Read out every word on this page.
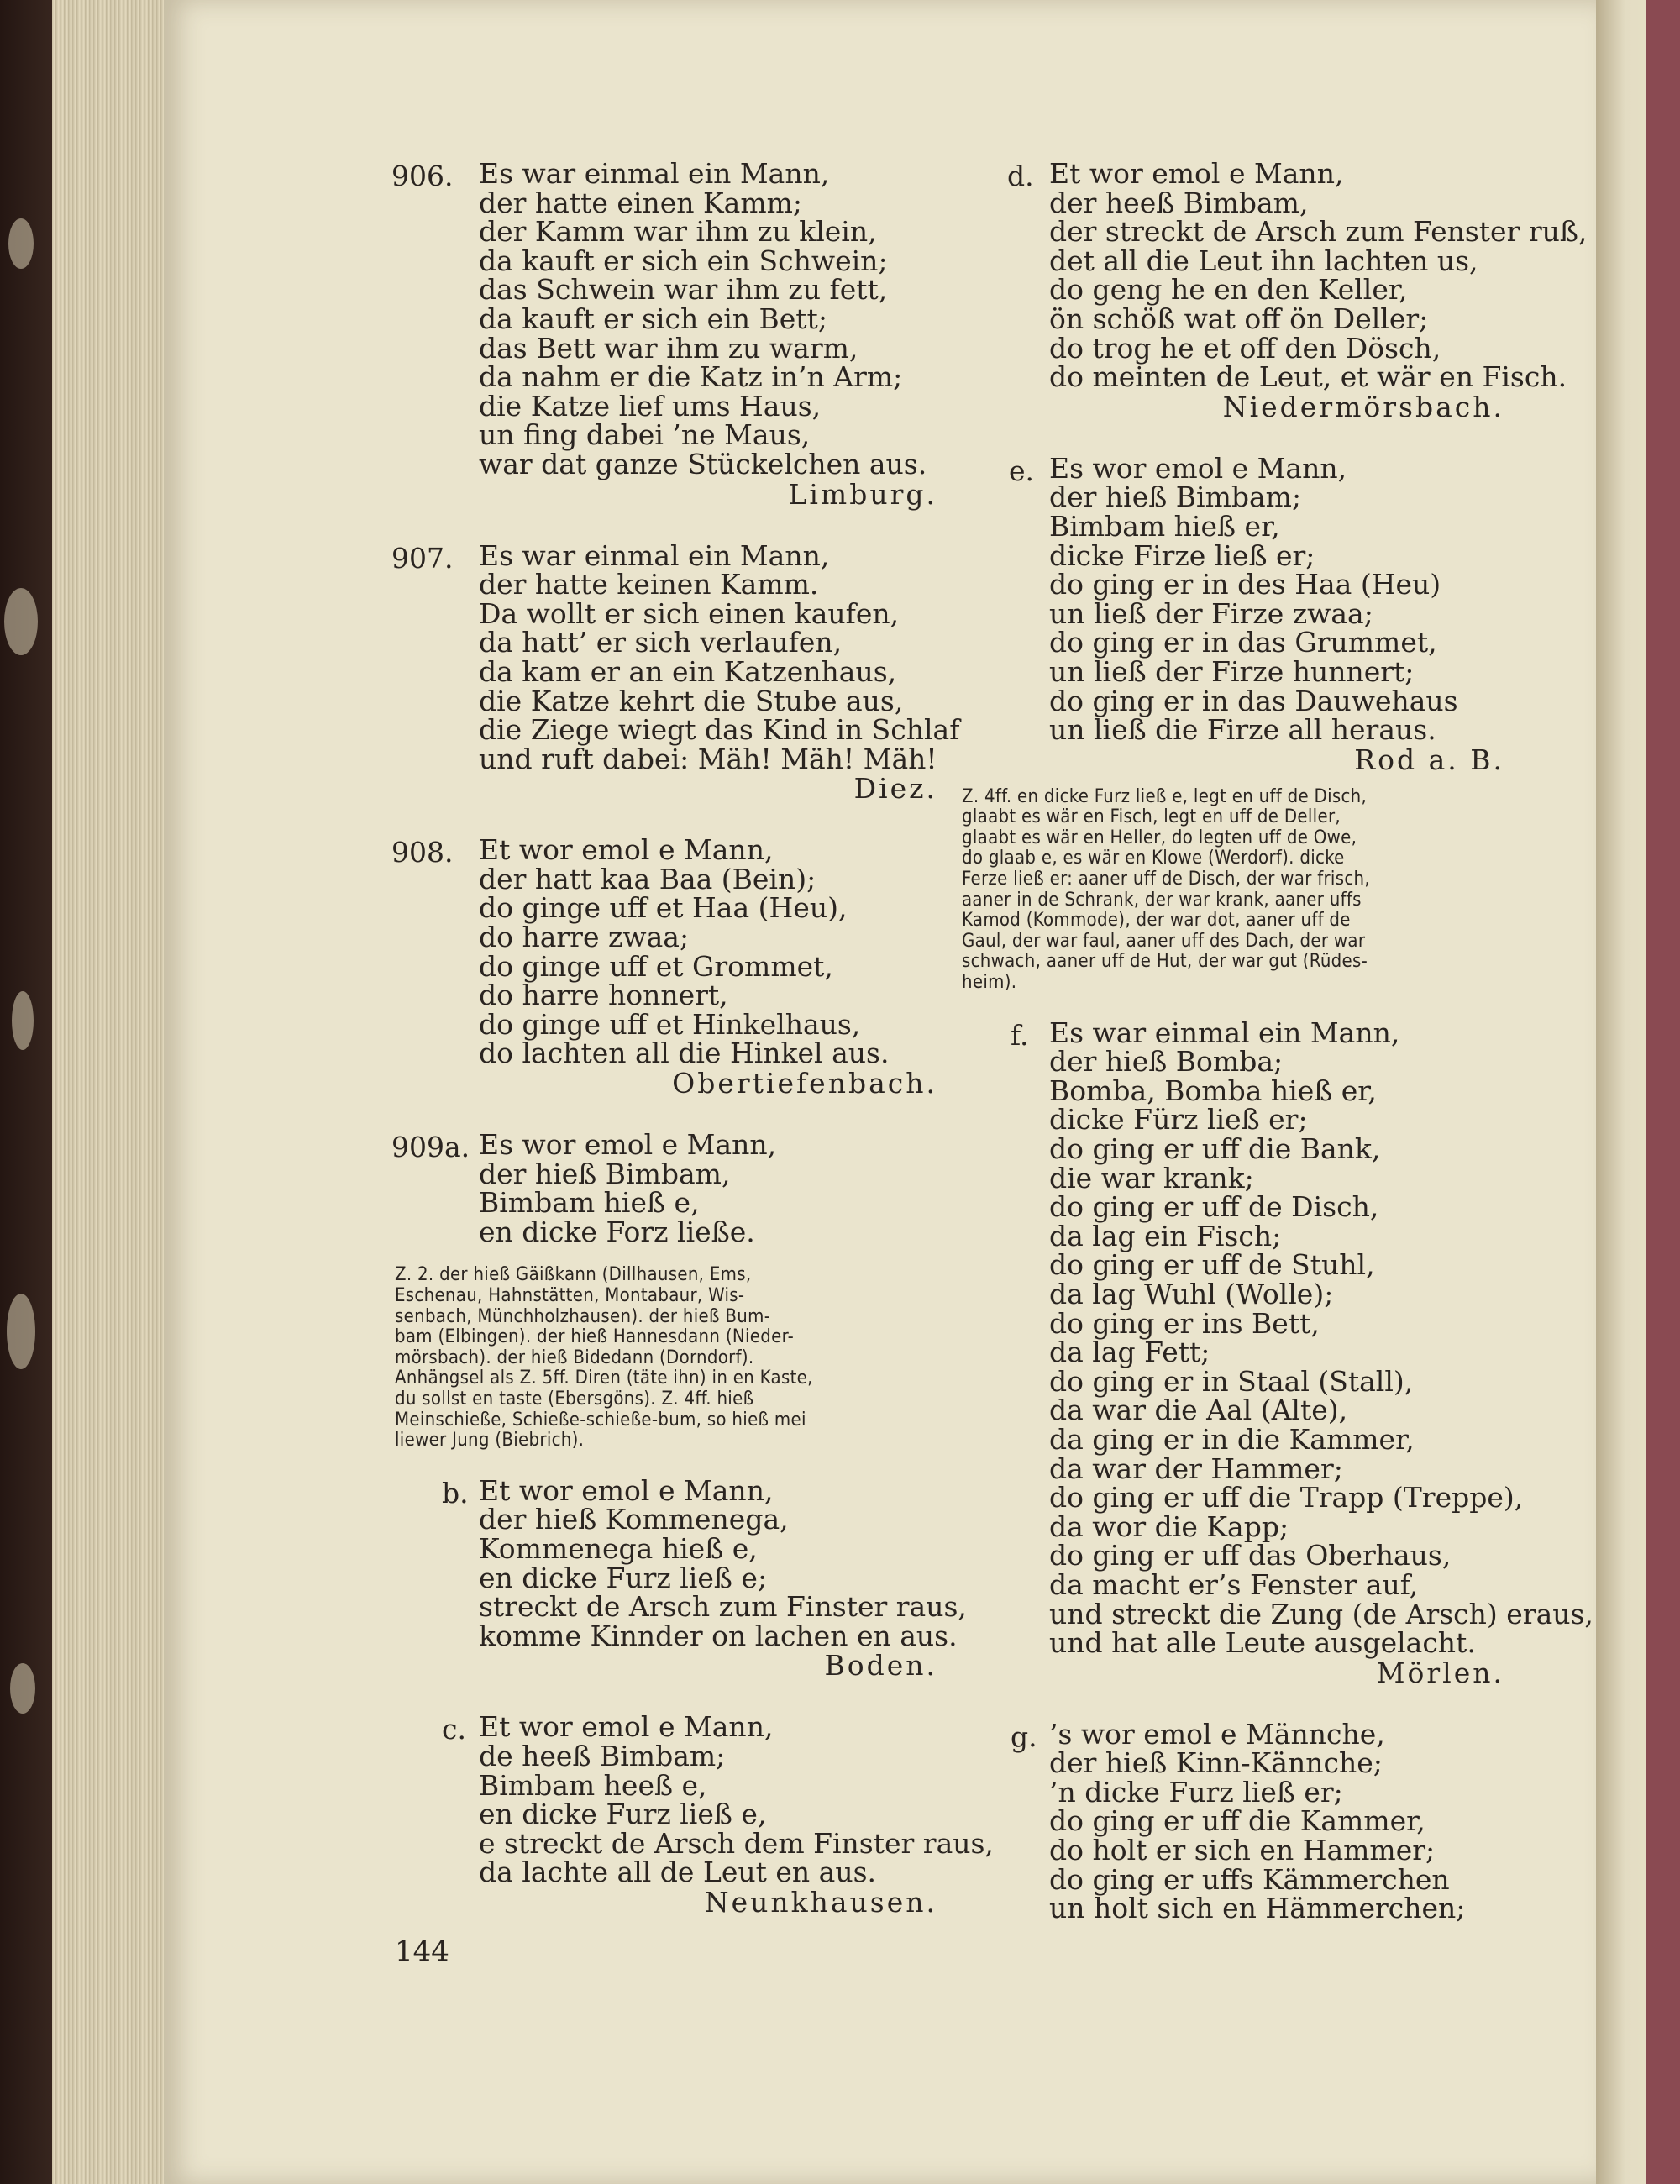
906. Es war einmal ein Mann,
der hatte einen Kamm;
der Kamm war ihm zu klein,
da kauft er sich ein Schwein;
das Schwein war ihm zu fett,
da kauft er sich ein Bett;
das Bett war ihm zu warm,
da nahm er die Katz in’n Arm;
die Katze lief ums Haus,
un fing dabei ’ne Maus,
war dat ganze Stückelchen aus.
Limburg.
907. Es war einmal ein Mann,
der hatte keinen Kamm.
Da wollt er sich einen kaufen,
da hatt’ er sich verlaufen,
da kam er an ein Katzenhaus,
die Katze kehrt die Stube aus,
die Ziege wiegt das Kind in Schlaf
und ruft dabei: Mäh! Mäh! Mäh!
Diez.
908. Et wor emol e Mann,
der hatt kaa Baa (Bein);
do ginge uff et Haa (Heu),
do harre zwaa;
do ginge uff et Grommet,
do harre honnert,
do ginge uff et Hinkelhaus,
do lachten all die Hinkel aus.
Obertiefenbach.
909a. Es wor emol e Mann,
der hieß Bimbam,
Bimbam hieß e,
en dicke Forz ließe.
Z. 2. der hieß Gäißkann (Dillhausen, Ems,
Eschenau, Hahnstätten, Montabaur, Wis-
senbach, Münchholzhausen). der hieß Bum-
bam (Elbingen). der hieß Hannesdann (Nieder-
mörsbach). der hieß Bidedann (Dorndorf).
Anhängsel als Z. 5ff. Diren (täte ihn) in en Kaste,
du sollst en taste (Ebersgöns). Z. 4ff. hieß
Meinschieße, Schieße-schieße-bum, so hieß mei
liewer Jung (Biebrich).
b. Et wor emol e Mann,
der hieß Kommenega,
Kommenega hieß e,
en dicke Furz ließ e;
streckt de Arsch zum Finster raus,
komme Kinnder on lachen en aus.
Boden.
c. Et wor emol e Mann,
de heeß Bimbam;
Bimbam heeß e,
en dicke Furz ließ e,
e streckt de Arsch dem Finster raus,
da lachte all de Leut en aus.
Neunkhausen.
144
d. Et wor emol e Mann,
der heeß Bimbam,
der streckt de Arsch zum Fenster ruß,
det all die Leut ihn lachten us,
do geng he en den Keller,
ön schöß wat off ön Deller;
do trog he et off den Dösch,
do meinten de Leut, et wär en Fisch.
Niedermörsbach.
e. Es wor emol e Mann,
der hieß Bimbam;
Bimbam hieß er,
dicke Firze ließ er;
do ging er in des Haa (Heu)
un ließ der Firze zwaa;
do ging er in das Grummet,
un ließ der Firze hunnert;
do ging er in das Dauwehaus
un ließ die Firze all heraus.
Rod a. B.
Z. 4ff. en dicke Furz ließ e, legt en uff de Disch,
glaabt es wär en Fisch, legt en uff de Deller,
glaabt es wär en Heller, do legten uff de Owe,
do glaab e, es wär en Klowe (Werdorf). dicke
Ferze ließ er: aaner uff de Disch, der war frisch,
aaner in de Schrank, der war krank, aaner uffs
Kamod (Kommode), der war dot, aaner uff de
Gaul, der war faul, aaner uff des Dach, der war
schwach, aaner uff de Hut, der war gut (Rüdes-
heim).
f. Es war einmal ein Mann,
der hieß Bomba;
Bomba, Bomba hieß er,
dicke Fürz ließ er;
do ging er uff die Bank,
die war krank;
do ging er uff de Disch,
da lag ein Fisch;
do ging er uff de Stuhl,
da lag Wuhl (Wolle);
do ging er ins Bett,
da lag Fett;
do ging er in Staal (Stall),
da war die Aal (Alte),
da ging er in die Kammer,
da war der Hammer;
do ging er uff die Trapp (Treppe),
da wor die Kapp;
do ging er uff das Oberhaus,
da macht er’s Fenster auf,
und streckt die Zung (de Arsch) eraus,
und hat alle Leute ausgelacht.
Mörlen.
g. ’s wor emol e Männche,
der hieß Kinn-Kännche;
’n dicke Furz ließ er;
do ging er uff die Kammer,
do holt er sich en Hammer;
do ging er uffs Kämmerchen
un holt sich en Hämmerchen;
